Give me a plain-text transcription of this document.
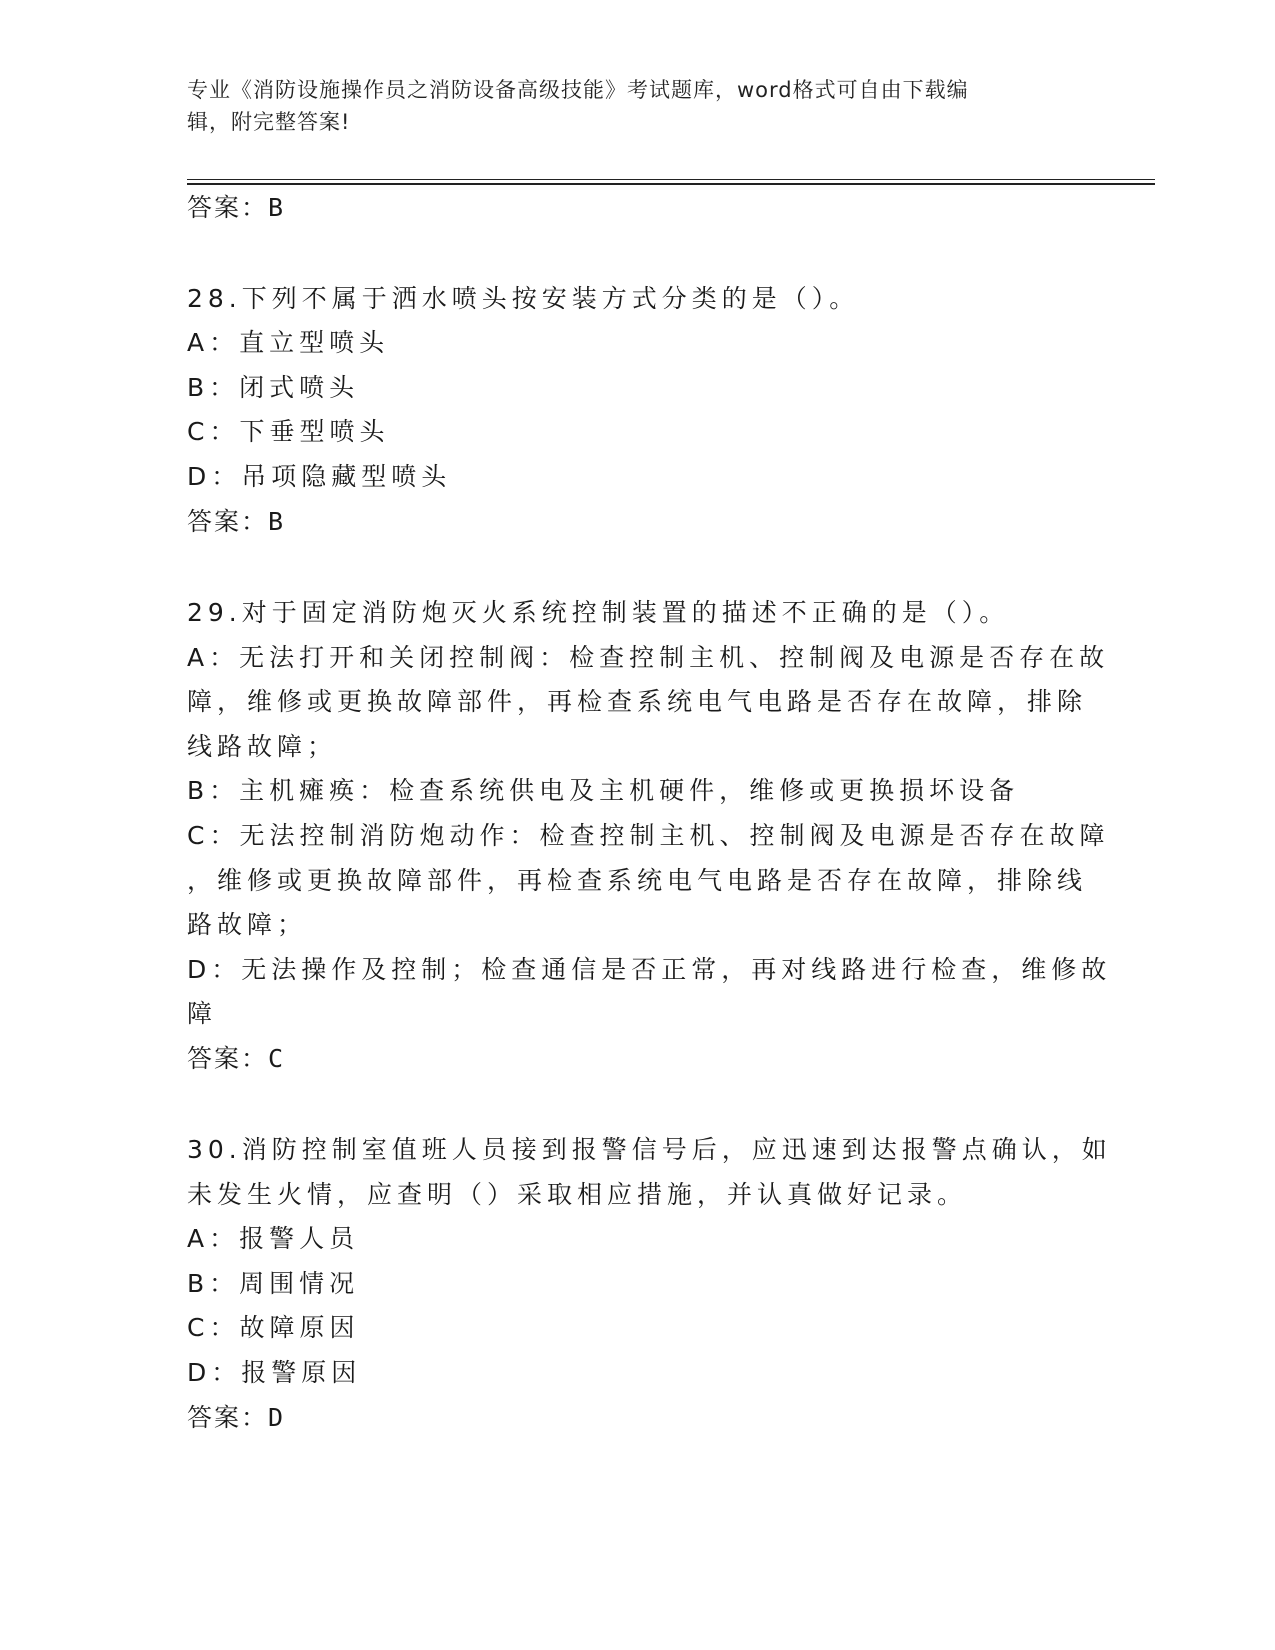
专业《消防设施操作员之消防设备高级技能》考试题库，word格式可自由下载编
辑，附完整答案!
答案：B
28.下列不属于洒水喷头按安装方式分类的是（）。
A：直立型喷头
B：闭式喷头
C：下垂型喷头
D：吊项隐藏型喷头
答案：B
29.对于固定消防炮灭火系统控制装置的描述不正确的是（）。
A：无法打开和关闭控制阀：检查控制主机、控制阀及电源是否存在故
障，维修或更换故障部件，再检查系统电气电路是否存在故障，排除
线路故障；
B：主机瘫痪：检查系统供电及主机硬件，维修或更换损坏设备
C：无法控制消防炮动作：检查控制主机、控制阀及电源是否存在故障
，维修或更换故障部件，再检查系统电气电路是否存在故障，排除线
路故障；
D：无法操作及控制；检查通信是否正常，再对线路进行检查，维修故
障
答案：C
30.消防控制室值班人员接到报警信号后，应迅速到达报警点确认，如
未发生火情，应查明（）采取相应措施，并认真做好记录。
A：报警人员
B：周围情况
C：故障原因
D：报警原因
答案：D
